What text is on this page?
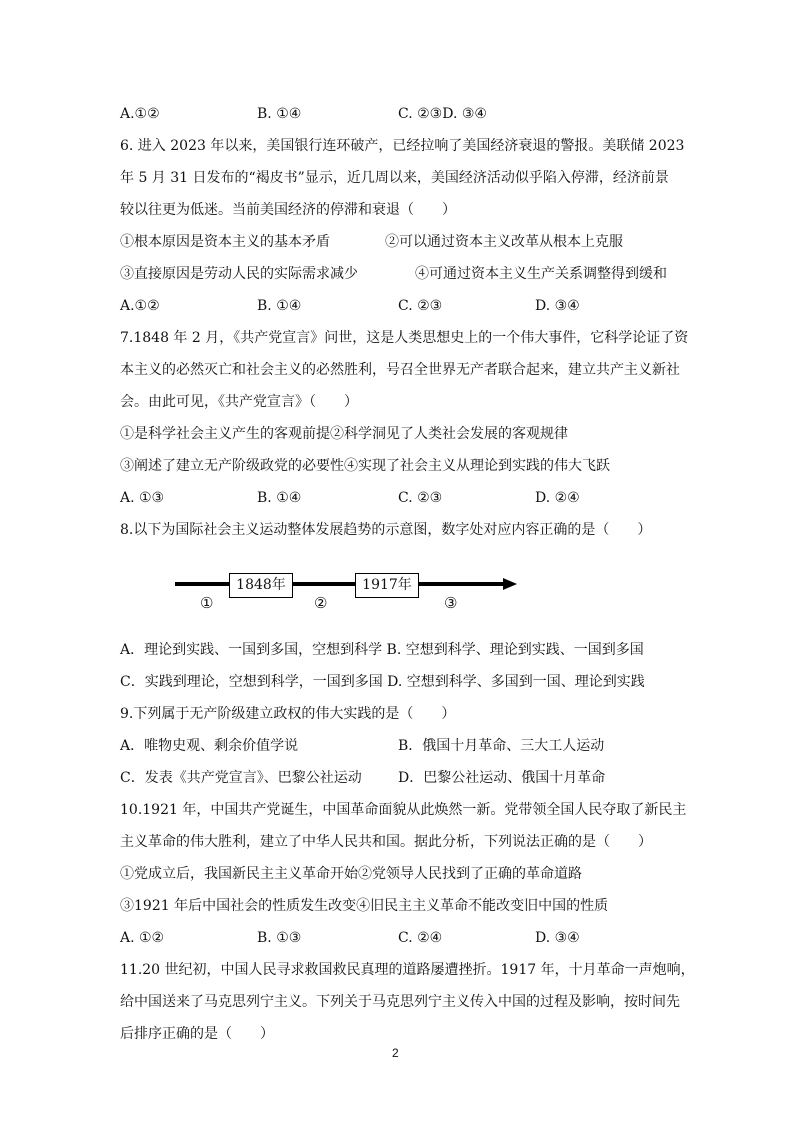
A.①②	B. ①④	C. ②③D. ③④
6. 进入 2023 年以来，美国银行连环破产，已经拉响了美国经济衰退的警报。美联储 2023
年 5 月 31 日发布的“褐皮书”显示，近几周以来，美国经济活动似乎陷入停滞，经济前景
较以往更为低迷。当前美国经济的停滞和衰退（　　）
①根本原因是资本主义的基本矛盾	②可以通过资本主义改革从根本上克服
③直接原因是劳动人民的实际需求减少	④可通过资本主义生产关系调整得到缓和
A.①②	B. ①④	C. ②③	D. ③④
7.1848 年 2 月，《共产党宣言》问世，这是人类思想史上的一个伟大事件，它科学论证了资
本主义的必然灭亡和社会主义的必然胜利，号召全世界无产者联合起来，建立共产主义新社
会。由此可见，《共产党宣言》（　　）
①是科学社会主义产生的客观前提②科学洞见了人类社会发展的客观规律
③阐述了建立无产阶级政党的必要性④实现了社会主义从理论到实践的伟大飞跃
A. ①③	B. ①④	C. ②③	D. ②④
8.以下为国际社会主义运动整体发展趋势的示意图，数字处对应内容正确的是（　　）
1848年	1917年
①	②	③
A．理论到实践、一国到多国，空想到科学 B. 空想到科学、理论到实践、一国到多国
C．实践到理论，空想到科学，一国到多国 D. 空想到科学、多国到一国、理论到实践
9.下列属于无产阶级建立政权的伟大实践的是（　　）
A．唯物史观、剩余价值学说	B．俄国十月革命、三大工人运动
C．发表《共产党宣言》、巴黎公社运动	D．巴黎公社运动、俄国十月革命
10.1921 年，中国共产党诞生，中国革命面貌从此焕然一新。党带领全国人民夺取了新民主
主义革命的伟大胜利，建立了中华人民共和国。据此分析，下列说法正确的是（　　）
①党成立后，我国新民主主义革命开始②党领导人民找到了正确的革命道路
③1921 年后中国社会的性质发生改变④旧民主主义革命不能改变旧中国的性质
A. ①②	B. ①③	C. ②④	D. ③④
11.20 世纪初，中国人民寻求救国救民真理的道路屡遭挫折。1917 年，十月革命一声炮响，
给中国送来了马克思列宁主义。下列关于马克思列宁主义传入中国的过程及影响，按时间先
后排序正确的是（　　）
2
